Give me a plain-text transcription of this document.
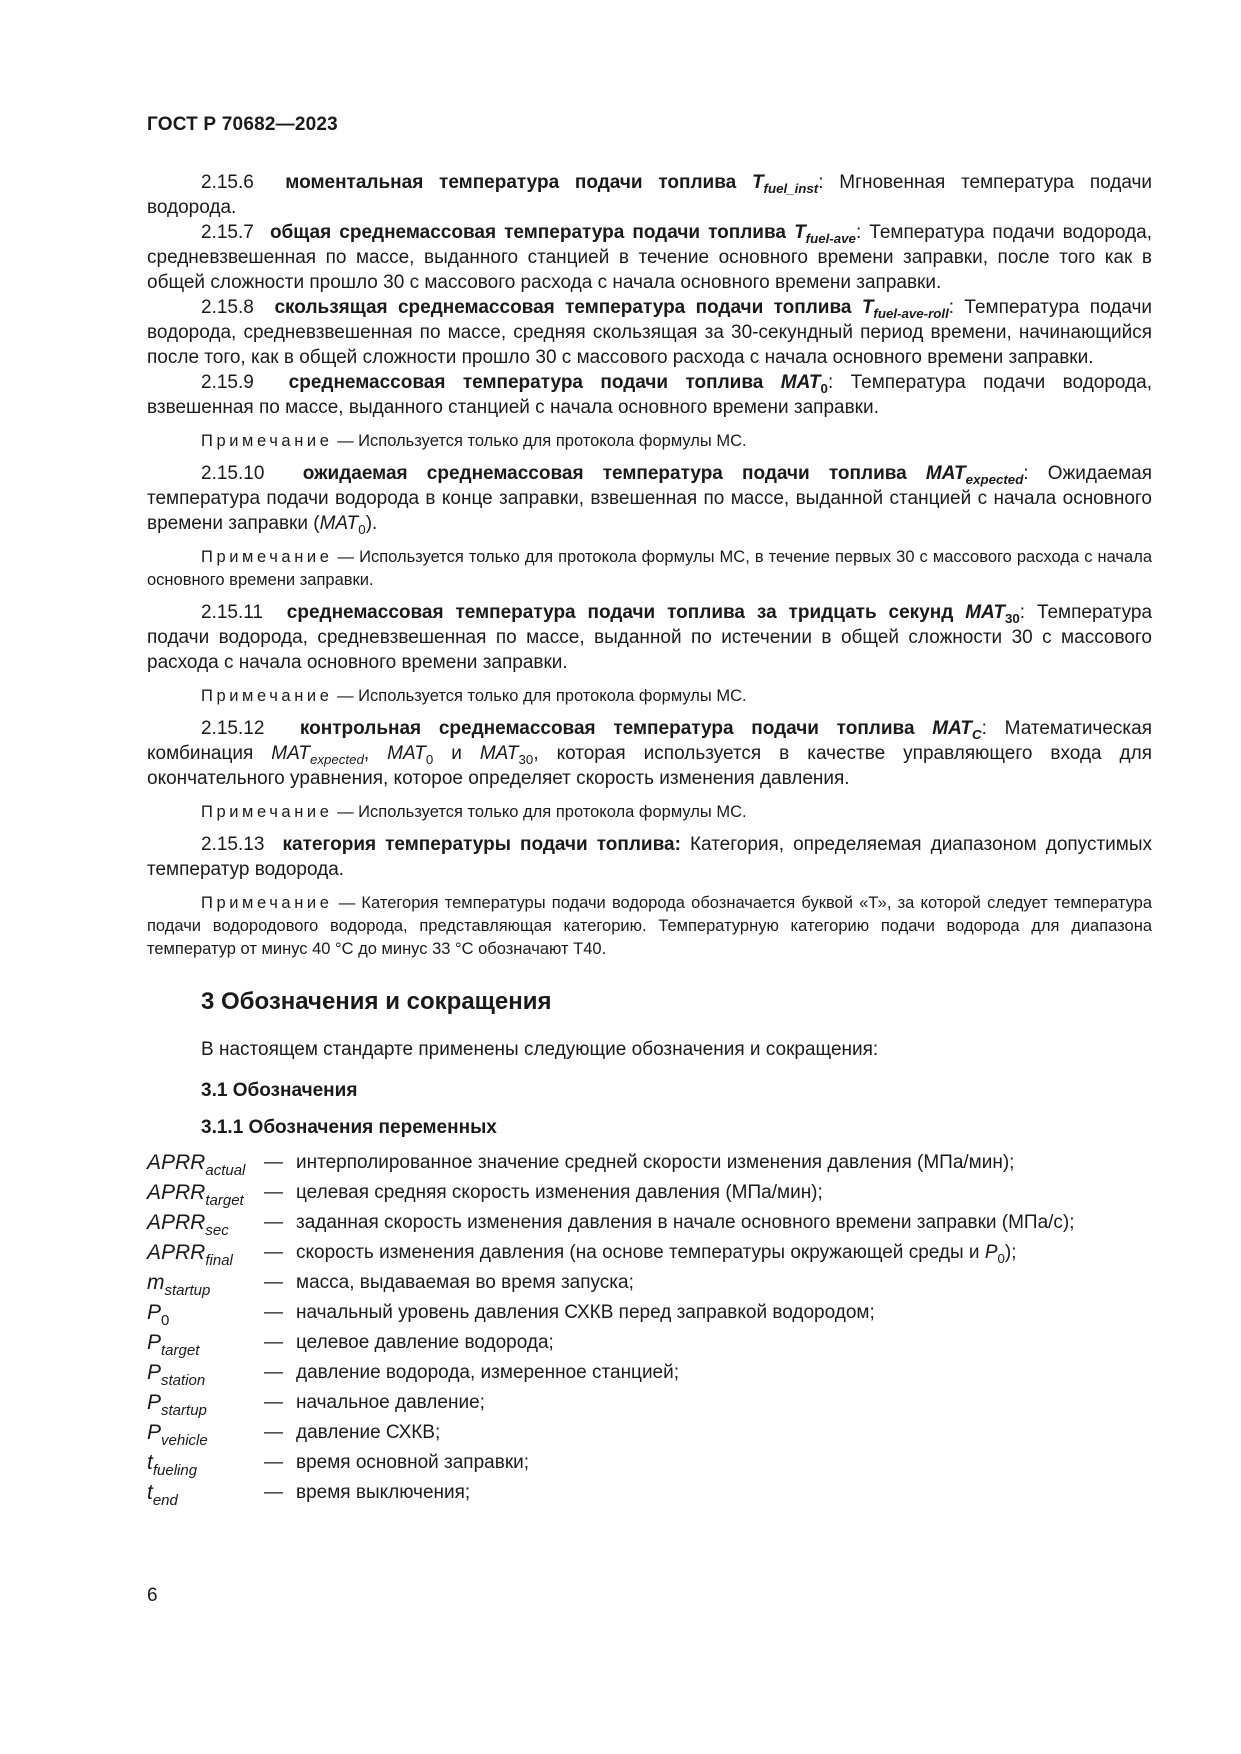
ГОСТ Р 70682—2023

2.15.6 моментальная температура подачи топлива $T_{fuel\_inst}$: Мгновенная температура подачи водорода.

2.15.7 общая среднемассовая температура подачи топлива $T_{fuel-ave}$: Температура подачи водорода, средневзвешенная по массе, выданного станцией в течение основного времени заправки, после того как в общей сложности прошло 30 с массового расхода с начала основного времени заправки.

2.15.8 скользящая среднемассовая температура подачи топлива $T_{fuel-ave-roll}$: Температура подачи водорода, средневзвешенная по массе, средняя скользящая за 30-секундный период времени, начинающийся после того, как в общей сложности прошло 30 с массового расхода с начала основного времени заправки.

2.15.9 среднемассовая температура подачи топлива $MAT_0$: Температура подачи водорода, взвешенная по массе, выданного станцией с начала основного времени заправки.

Примечание — Используется только для протокола формулы МС.

2.15.10 ожидаемая среднемассовая температура подачи топлива $MAT_{expected}$: Ожидаемая температура подачи водорода в конце заправки, взвешенная по массе, выданной станцией с начала основного времени заправки $(MAT_0)$.

Примечание — Используется только для протокола формулы МС, в течение первых 30 с массового расхода с начала основного времени заправки.

2.15.11 среднемассовая температура подачи топлива за тридцать секунд $MAT_{30}$: Температура подачи водорода, средневзвешенная по массе, выданной по истечении в общей сложности 30 с массового расхода с начала основного времени заправки.

Примечание — Используется только для протокола формулы МС.

2.15.12 контрольная среднемассовая температура подачи топлива $MAT_C$: Математическая комбинация $MAT_{expected}$, $MAT_0$ и $MAT_{30}$, которая используется в качестве управляющего входа для окончательного уравнения, которое определяет скорость изменения давления.

Примечание — Используется только для протокола формулы МС.

2.15.13 категория температуры подачи топлива: Категория, определяемая диапазоном допустимых температур водорода.

Примечание — Категория температуры подачи водорода обозначается буквой «Т», за которой следует температура подачи водородового водорода, представляющая категорию. Температурную категорию подачи водорода для диапазона температур от минус 40 °С до минус 33 °С обозначают Т40.

3 Обозначения и сокращения

В настоящем стандарте применены следующие обозначения и сокращения:

3.1 Обозначения
3.1.1 Обозначения переменных
$APRR_{actual}$ — интерполированное значение средней скорости изменения давления (МПа/мин);
$APRR_{target}$	— целевая средняя скорость изменения давления (МПа/мин);
$APRR_{sec}$	— заданная скорость изменения давления в начале основного времени заправки (МПа/с);
$APRR_{final}$	— скорость изменения давления (на основе температуры окружающей среды и $P_0$);
$m_{startup}$	— масса, выдаваемая во время запуска;
$P_0$	— начальный уровень давления СХКВ перед заправкой водородом;
$P_{target}$	— целевое давление водорода;
$P_{station}$	— давление водорода, измеренное станцией;
$P_{startup}$	— начальное давление;
$P_{vehicle}$	— давление СХКВ;
$t_{fueling}$	— время основной заправки;
$t_{end}$	— время выключения;
6
